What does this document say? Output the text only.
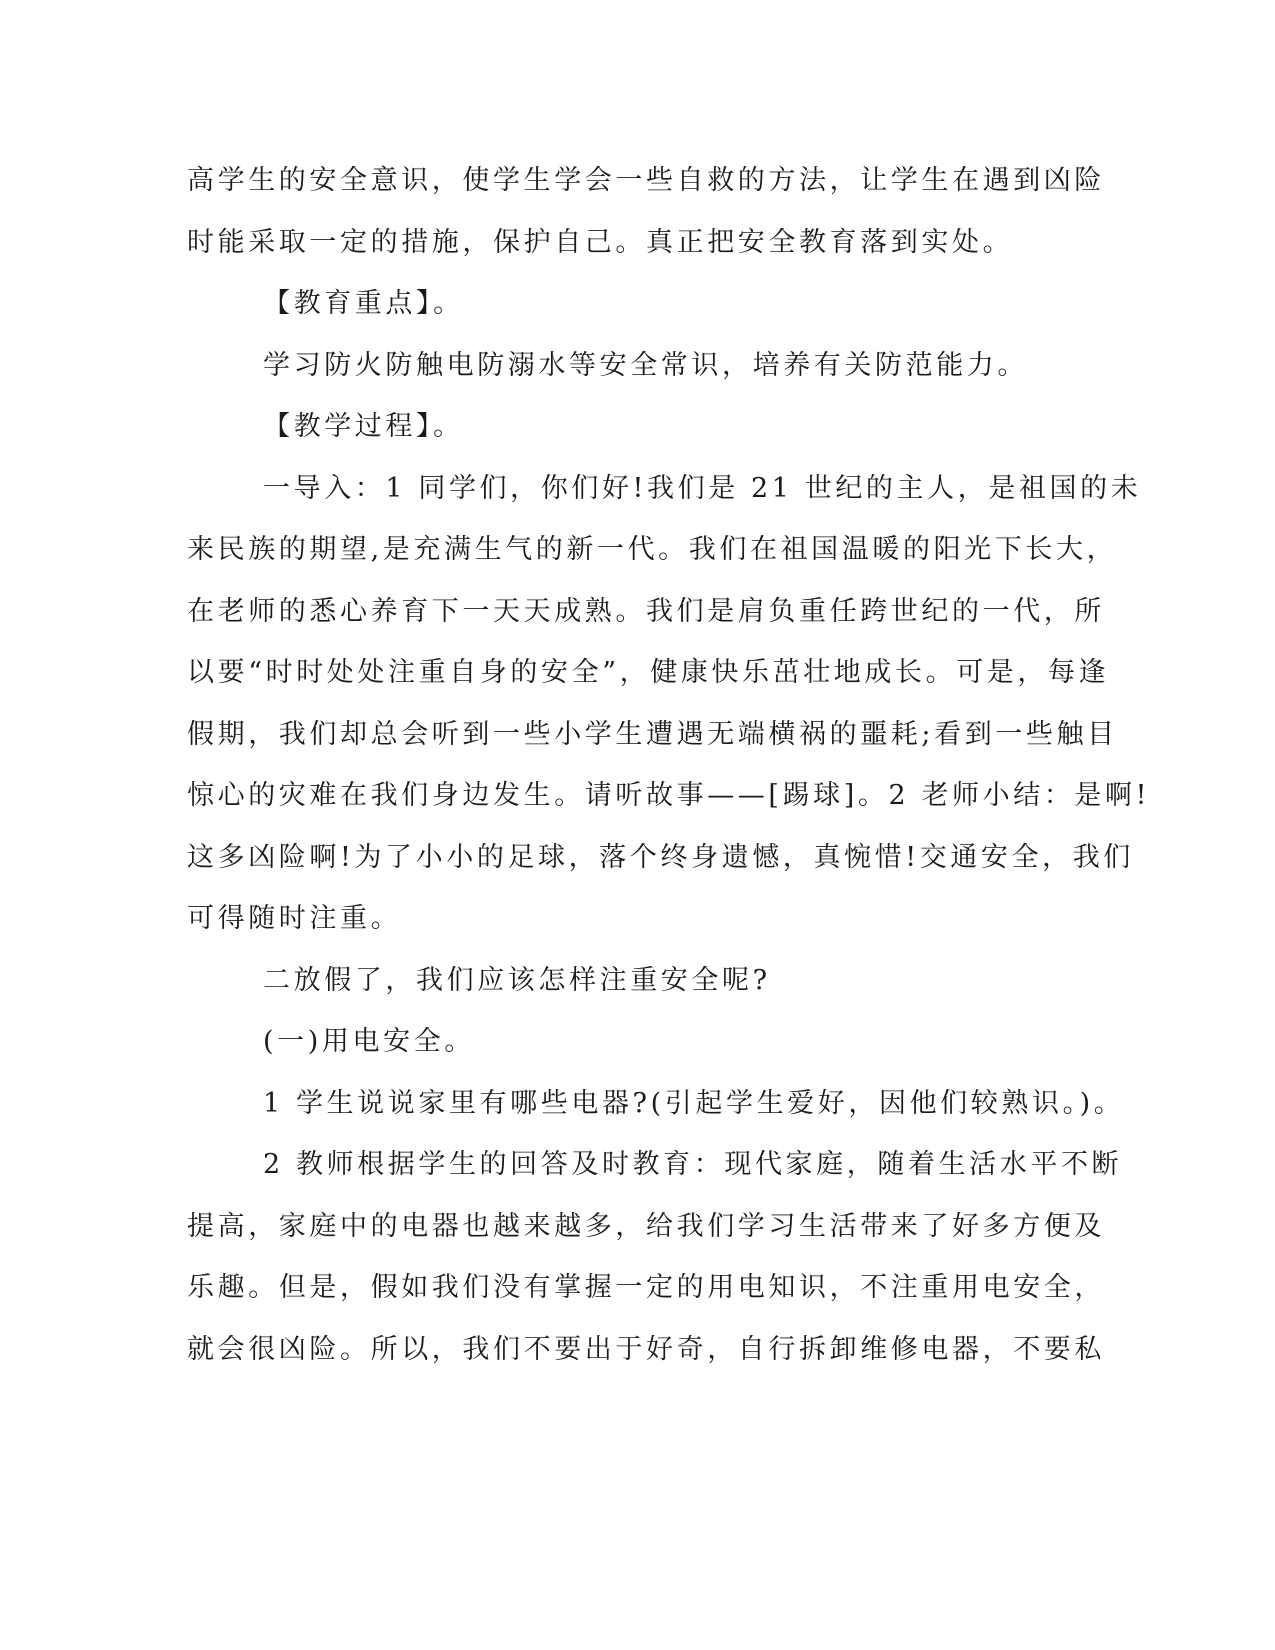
高学生的安全意识，使学生学会一些自救的方法，让学生在遇到凶险

时能采取一定的措施，保护自己。真正把安全教育落到实处。

【教育重点】。

学习防火防触电防溺水等安全常识，培养有关防范能力。

【教学过程】。

一导入：1 同学们，你们好!我们是 21 世纪的主人，是祖国的未

来民族的期望,是充满生气的新一代。我们在祖国温暖的阳光下长大，

在老师的悉心养育下一天天成熟。我们是肩负重任跨世纪的一代，所

以要“时时处处注重自身的安全”，健康快乐茁壮地成长。可是，每逢

假期，我们却总会听到一些小学生遭遇无端横祸的噩耗;看到一些触目

惊心的灾难在我们身边发生。请听故事——[踢球]。2 老师小结：是啊!

这多凶险啊!为了小小的足球，落个终身遗憾，真惋惜!交通安全，我们

可得随时注重。

二放假了，我们应该怎样注重安全呢?

(一)用电安全。

1 学生说说家里有哪些电器?(引起学生爱好，因他们较熟识。)。

2 教师根据学生的回答及时教育：现代家庭，随着生活水平不断

提高，家庭中的电器也越来越多，给我们学习生活带来了好多方便及

乐趣。但是，假如我们没有掌握一定的用电知识，不注重用电安全，

就会很凶险。所以，我们不要出于好奇，自行拆卸维修电器，不要私
